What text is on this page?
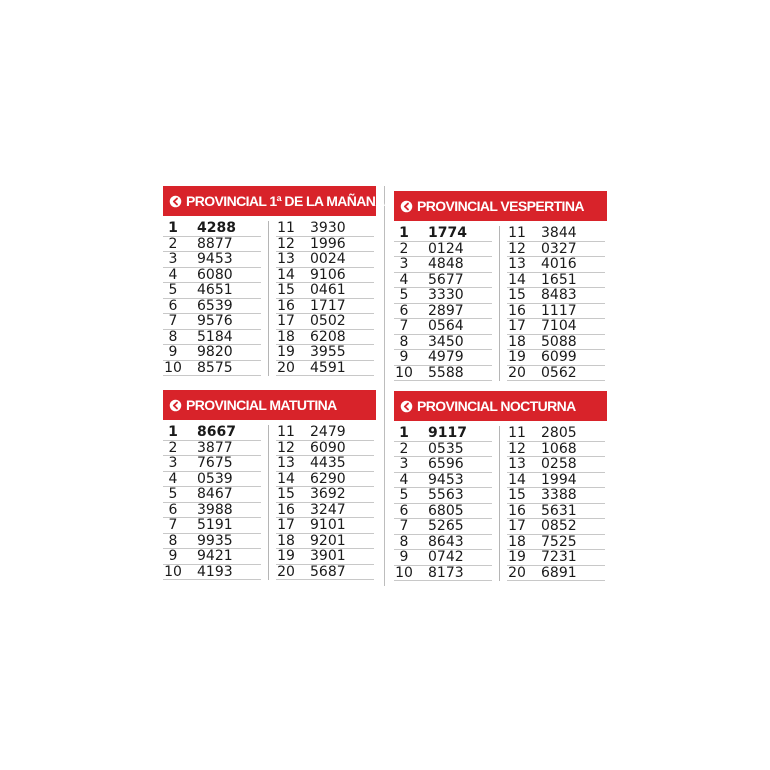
PROVINCIAL 1ª DE LA MAÑANA
1	4288
2	8877
3	9453
4	6080
5	4651
6	6539
7	9576
8	5184
9	9820
10 8575
11 3930
12 1996
13 0024
14 9106
15 0461
16 1717
17 0502
18 6208
19 3955
20 4591
PROVINCIAL VESPERTINA
1	1774
2	0124
3	4848
4	5677
5	3330
6	2897
7	0564
8	3450
9	4979
10 5588
11 3844
12 0327
13 4016
14 1651
15 8483
16 1117
17 7104
18 5088
19 6099
20 0562
PROVINCIAL MATUTINA
1	8667
2	3877
3	7675
4	0539
5	8467
6	3988
7	5191
8	9935
9	9421
10 4193
11 2479
12 6090
13 4435
14 6290
15 3692
16 3247
17 9101
18 9201
19 3901
20 5687
PROVINCIAL NOCTURNA
1	9117
2	0535
3	6596
4	9453
5	5563
6	6805
7	5265
8	8643
9	0742
10 8173
11 2805
12 1068
13 0258
14 1994
15 3388
16 5631
17 0852
18 7525
19 7231
20 6891
